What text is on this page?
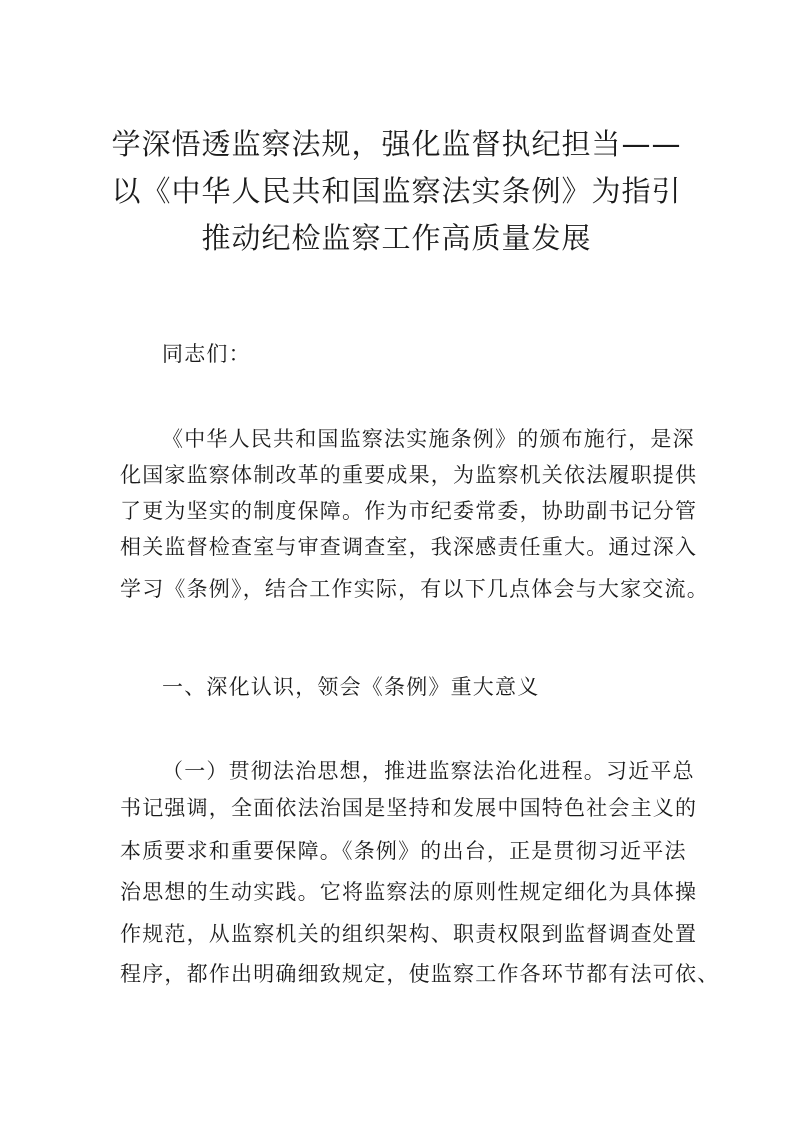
学深悟透监察法规，强化监督执纪担当——
以《中华人民共和国监察法实条例》为指引
推动纪检监察工作高质量发展
同志们：
《中华人民共和国监察法实施条例》的颁布施行，是深
化国家监察体制改革的重要成果，为监察机关依法履职提供
了更为坚实的制度保障。作为市纪委常委，协助副书记分管
相关监督检查室与审查调查室，我深感责任重大。通过深入
学习《条例》，结合工作实际，有以下几点体会与大家交流。
一、深化认识，领会《条例》重大意义
（一）贯彻法治思想，推进监察法治化进程。习近平总
书记强调，全面依法治国是坚持和发展中国特色社会主义的
本质要求和重要保障。《条例》的出台，正是贯彻习近平法
治思想的生动实践。它将监察法的原则性规定细化为具体操
作规范，从监察机关的组织架构、职责权限到监督调查处置
程序，都作出明确细致规定，使监察工作各环节都有法可依、
